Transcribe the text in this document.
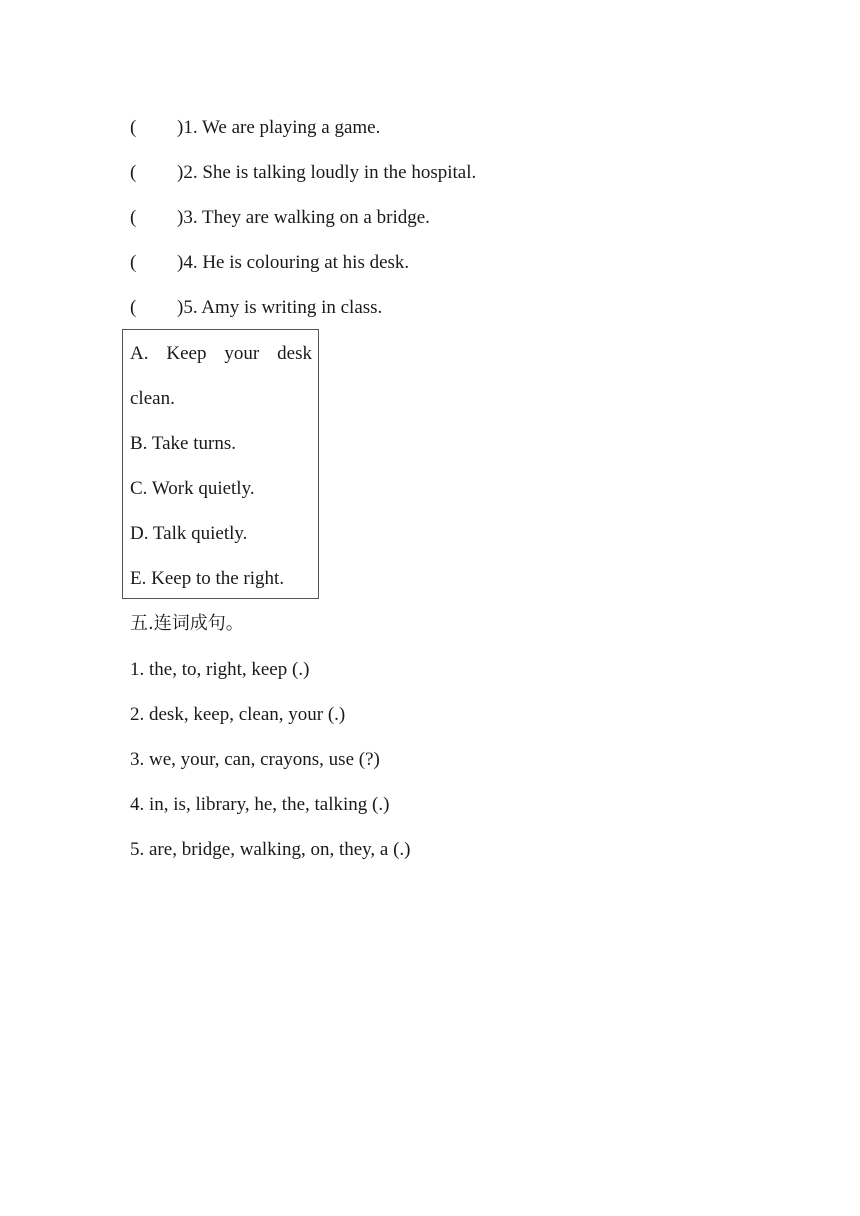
( )1. We are playing a game.
( )2. She is talking loudly in the hospital.
( )3. They are walking on a bridge.
( )4. He is colouring at his desk.
( )5. Amy is writing in class.
A. Keep your desk
clean.
B. Take turns.
C. Work quietly.
D. Talk quietly.
E. Keep to the right.
五.连词成句。
1. the, to, right, keep (.)
2. desk, keep, clean, your (.)
3. we, your, can, crayons, use (?)
4. in, is, library, he, the, talking (.)
5. are, bridge, walking, on, they, a (.)
